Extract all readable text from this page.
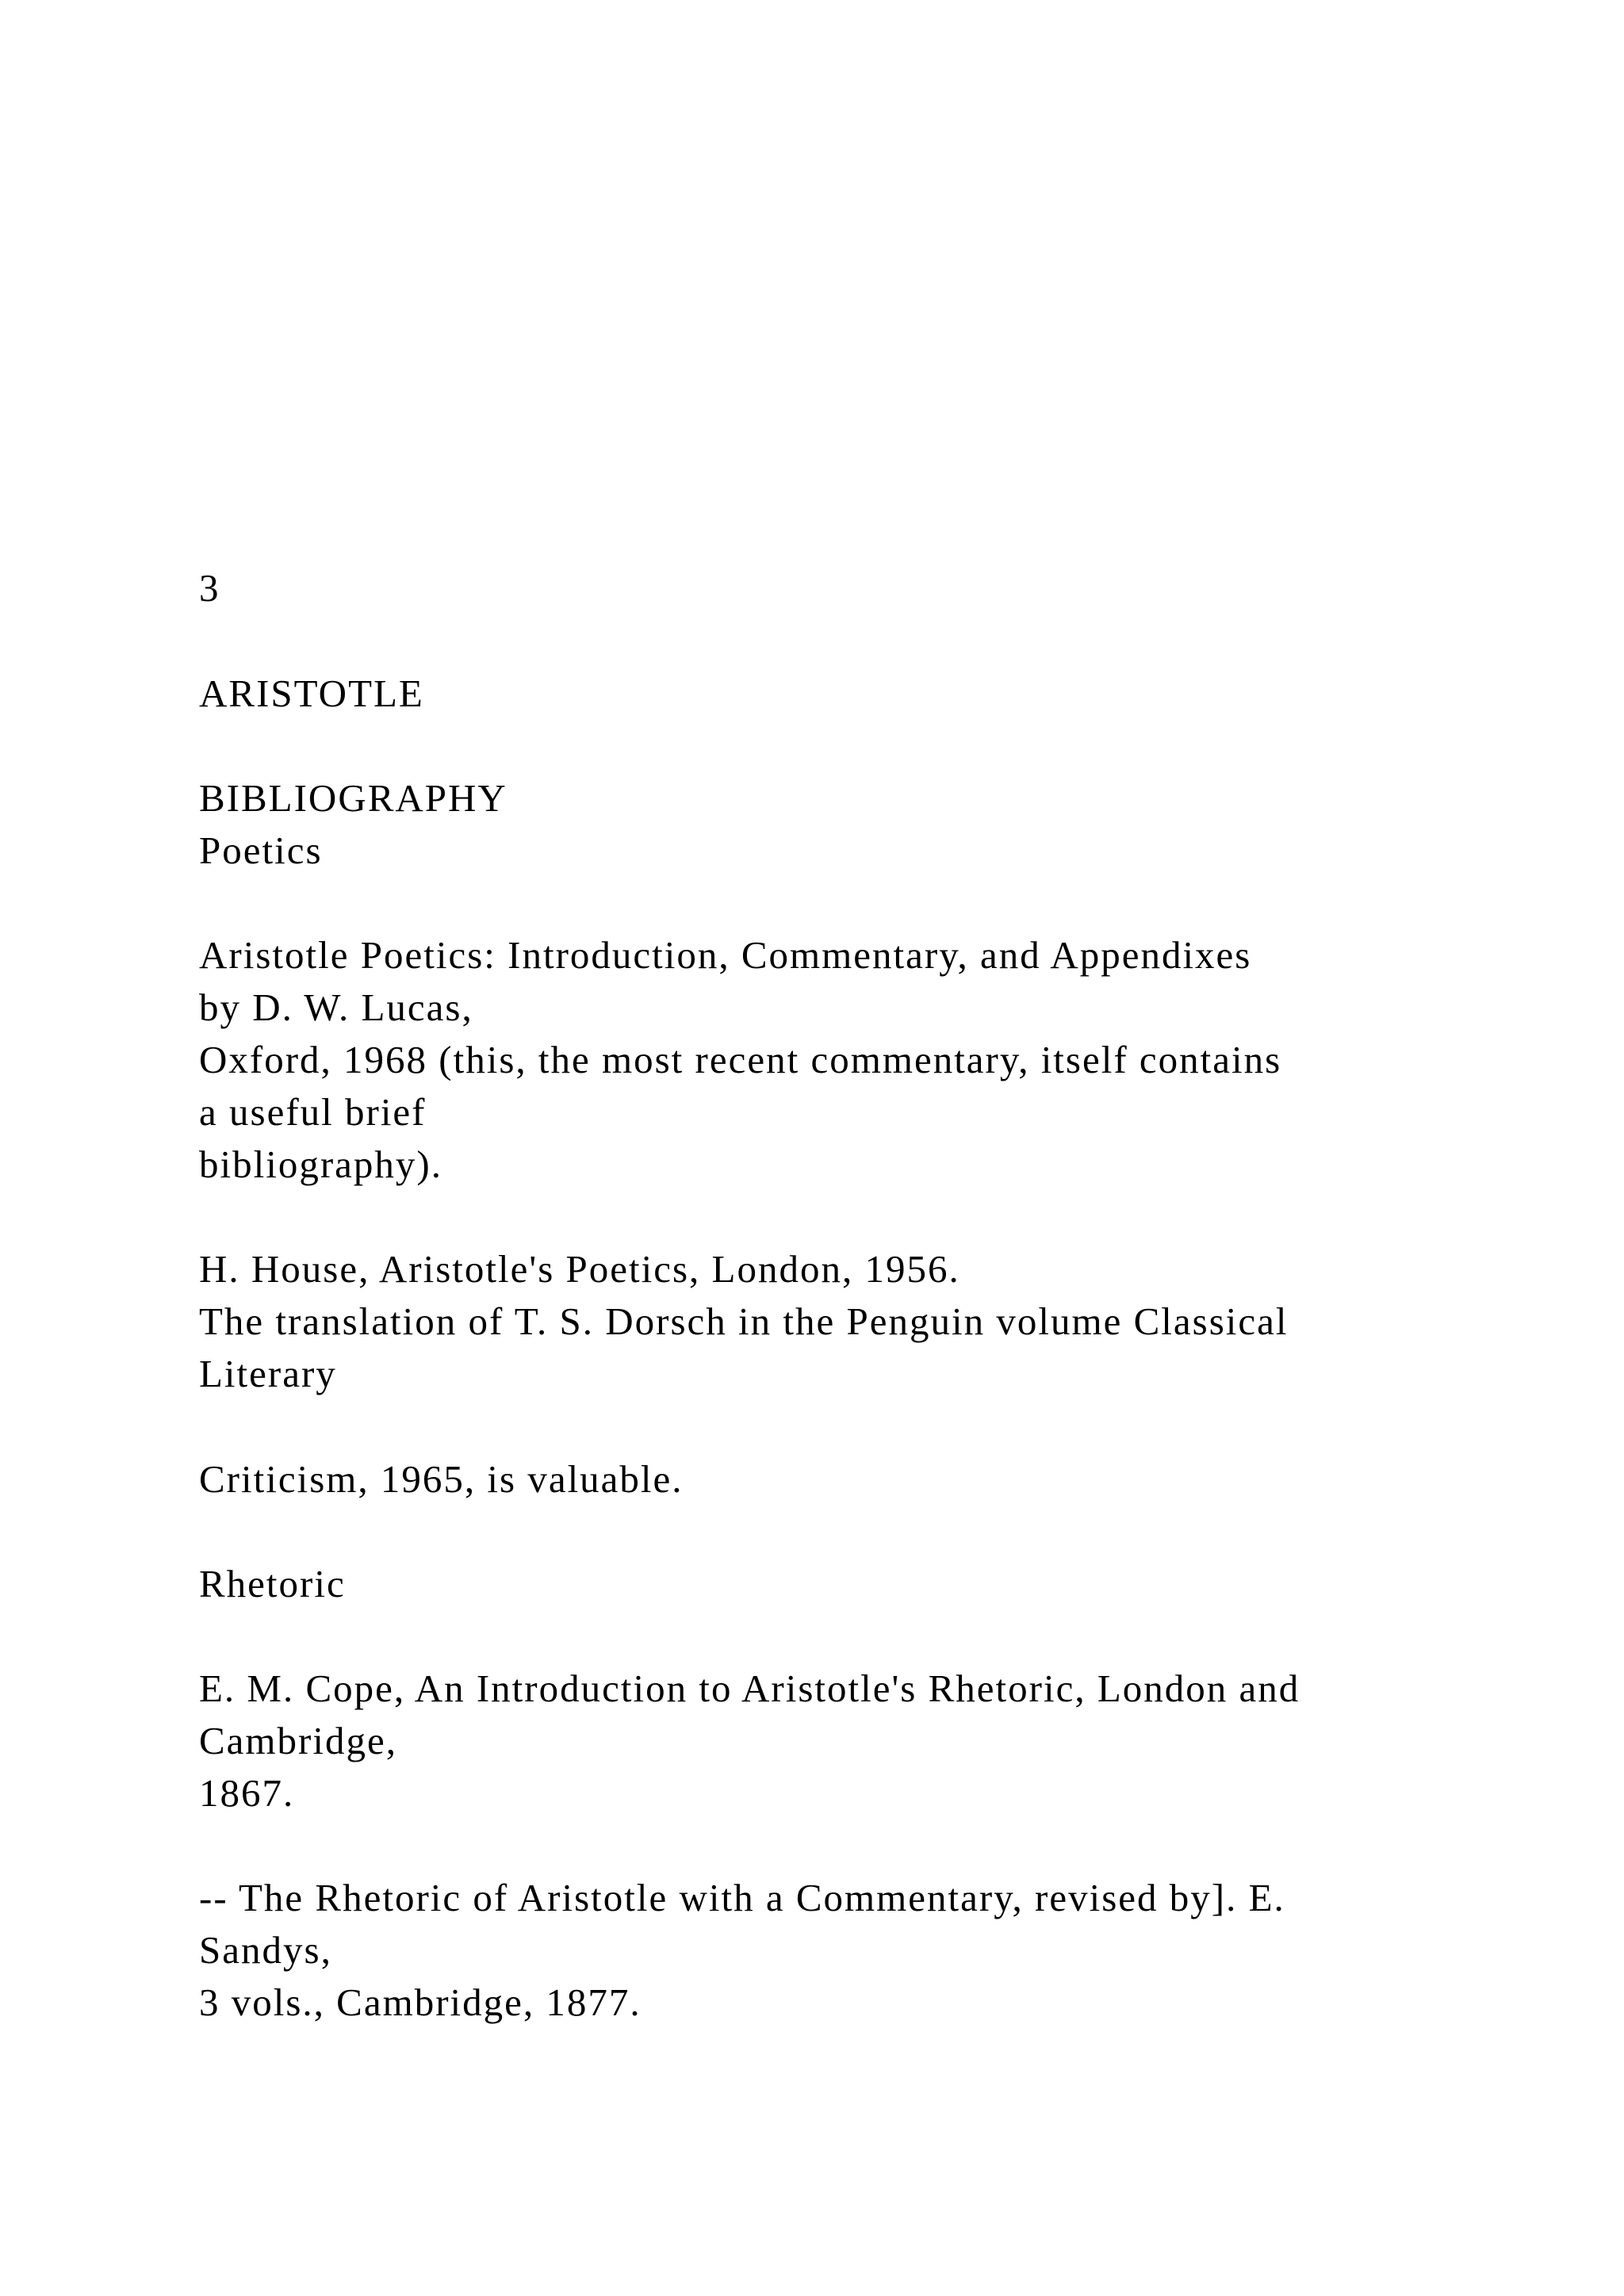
3
ARISTOTLE
BIBLIOGRAPHY
Poetics
Aristotle Poetics: Introduction, Commentary, and Appendixes
by D. W. Lucas,
Oxford, 1968 (this, the most recent commentary, itself contains
a useful brief
bibliography).
H. House, Aristotle's Poetics, London, 1956.
The translation of T. S. Dorsch in the Penguin volume Classical
Literary
Criticism, 1965, is valuable.
Rhetoric
E. M. Cope, An Introduction to Aristotle's Rhetoric, London and
Cambridge,
1867.
-- The Rhetoric of Aristotle with a Commentary, revised by]. E.
Sandys,
3 vols., Cambridge, 1877.
